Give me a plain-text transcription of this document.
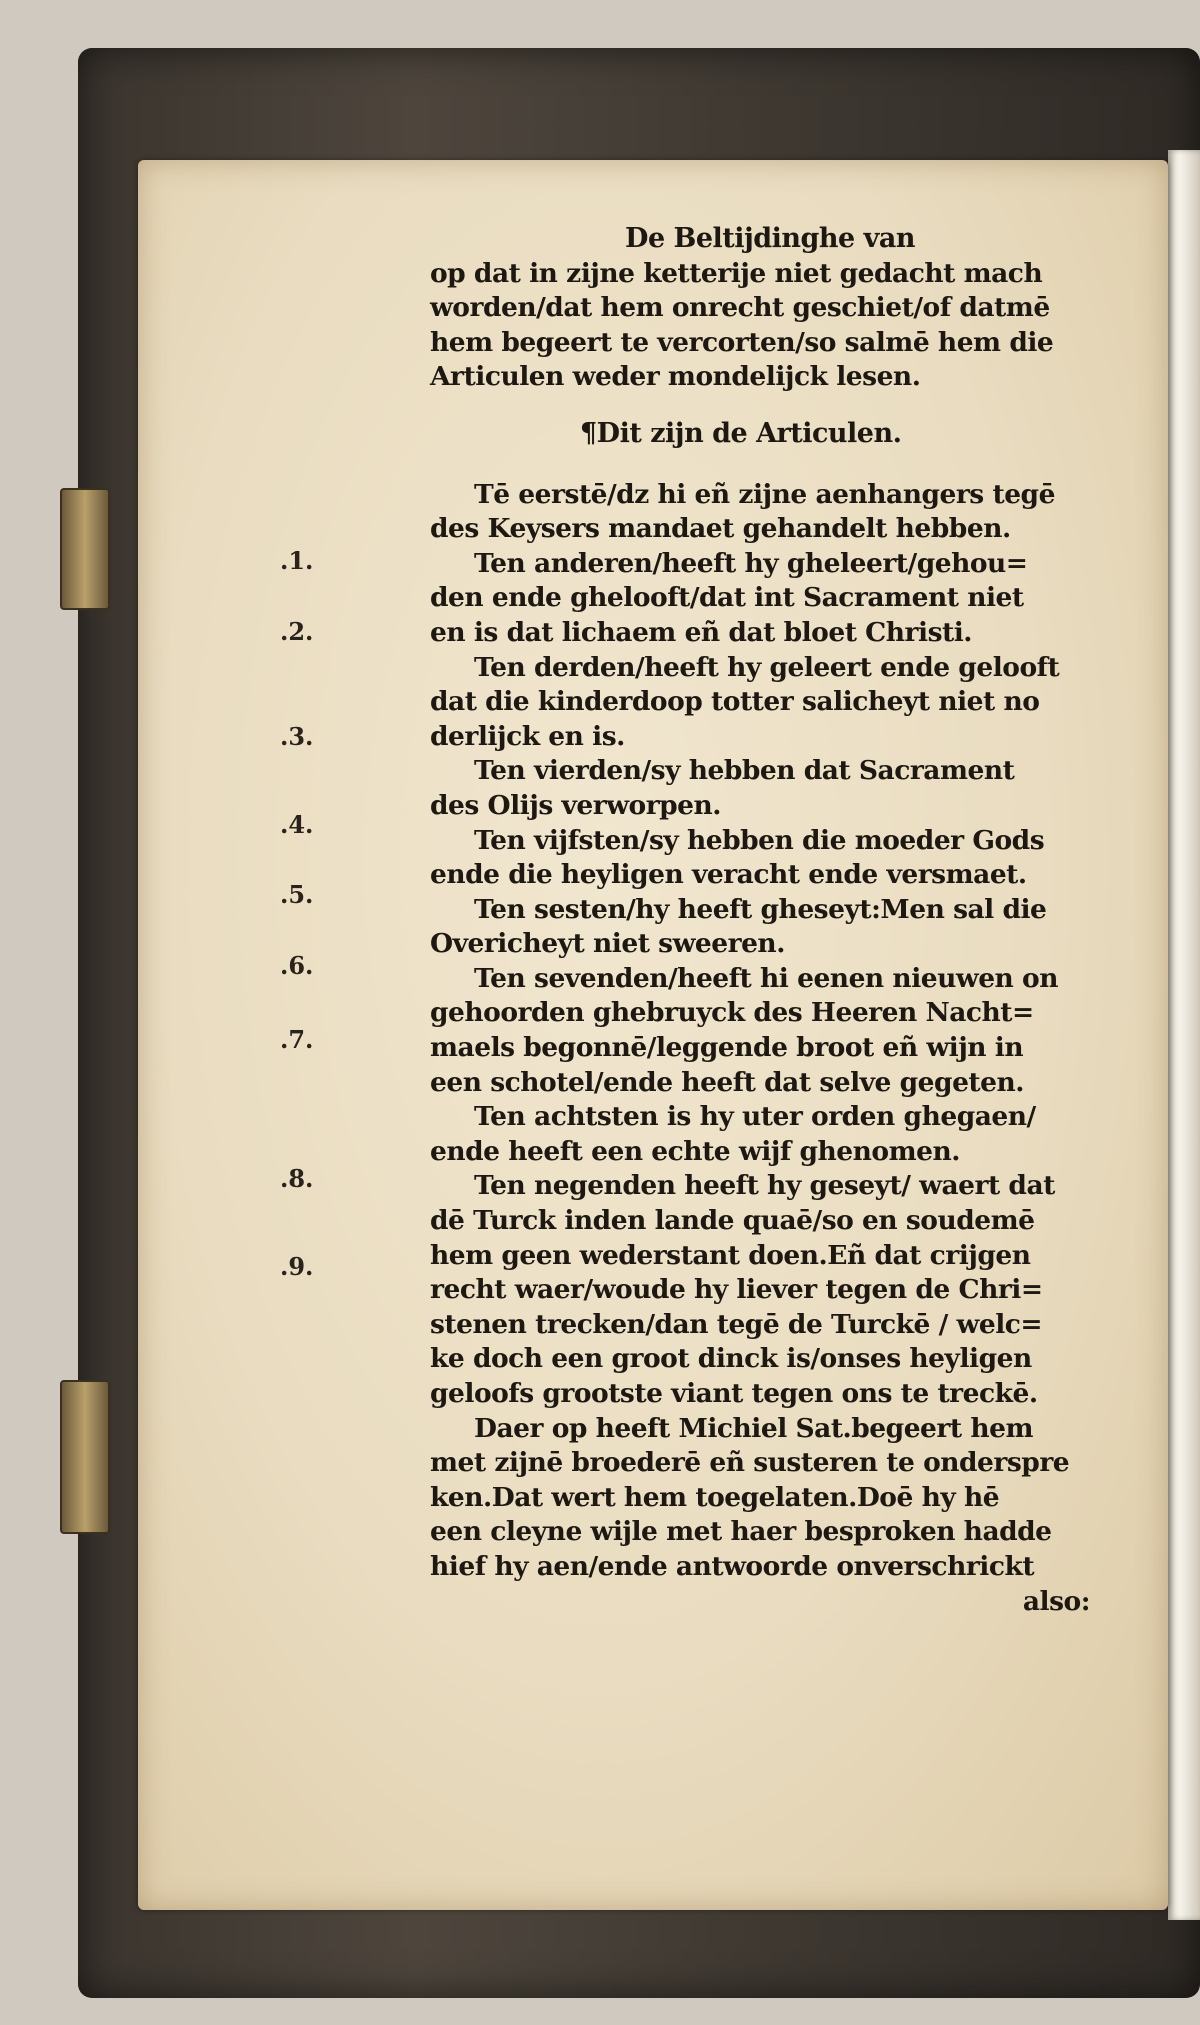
De Beltijdinghe van
op dat in zijne ketterije niet gedacht mach
worden/dat hem onrecht geschiet/of datmē
hem begeert te vercorten/so salmē hem die
Articulen weder mondelijck lesen.
¶Dit zijn de Articulen.
Tē eerstē/dz hi eñ zijne aenhangers tegē
des Keysers mandaet gehandelt hebben.
Ten anderen/heeft hy gheleert/gehou=
den ende ghelooft/dat int Sacrament niet
en is dat lichaem eñ dat bloet Christi.
Ten derden/heeft hy geleert ende gelooft
dat die kinderdoop totter salicheyt niet no
derlijck en is.
Ten vierden/sy hebben dat Sacrament
des Olijs verworpen.
Ten vijfsten/sy hebben die moeder Gods
ende die heyligen veracht ende versmaet.
Ten sesten/hy heeft gheseyt:Men sal die
Overicheyt niet sweeren.
Ten sevenden/heeft hi eenen nieuwen on
gehoorden ghebruyck des Heeren Nacht=
maels begonnē/leggende broot eñ wijn in
een schotel/ende heeft dat selve gegeten.
Ten achtsten is hy uter orden ghegaen/
ende heeft een echte wijf ghenomen.
Ten negenden heeft hy geseyt/ waert dat
dē Turck inden lande quaē/so en soudemē
hem geen wederstant doen.Eñ dat crijgen
recht waer/woude hy liever tegen de Chri=
stenen trecken/dan tegē de Turckē / welc=
ke doch een groot dinck is/onses heyligen
geloofs grootste viant tegen ons te treckē.
Daer op heeft Michiel Sat.begeert hem
met zijnē broederē eñ susteren te onderspre
ken.Dat wert hem toegelaten.Doē hy hē
een cleyne wijle met haer besproken hadde
hief hy aen/ende antwoorde onverschrickt
also:
.1.
.2.
.3.
.4.
.5.
.6.
.7.
.8.
.9.
